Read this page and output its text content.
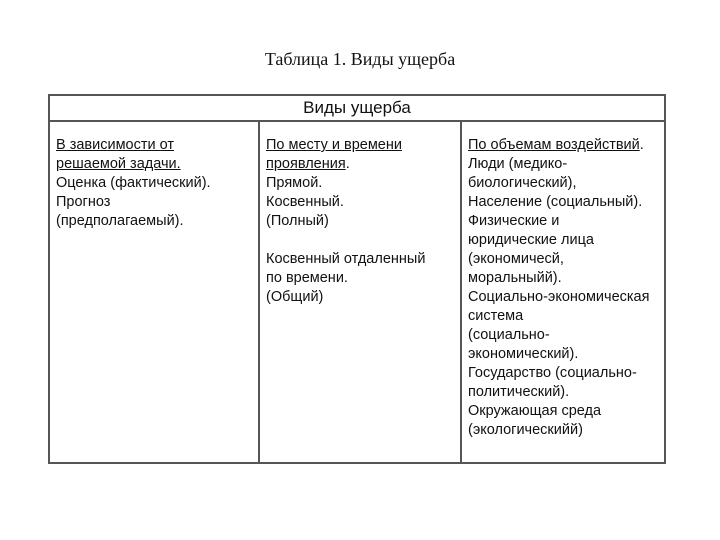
Таблица 1. Виды ущерба
Виды ущерба
В зависимости от
решаемой задачи.
Оценка (фактический).
Прогноз
(предполагаемый).
По месту и времени
проявления.
Прямой.
Косвенный.
(Полный)
Косвенный отдаленный
по времени.
(Общий)
По объемам воздействий.
Люди (медико-
биологический),
Население (социальный).
Физические и
юридические лица
(экономичесй,
моральныйй).
Социально-экономическая
система
(социально-
экономический).
Государство (социально-
политический).
Окружающая среда
(экологическийй)
